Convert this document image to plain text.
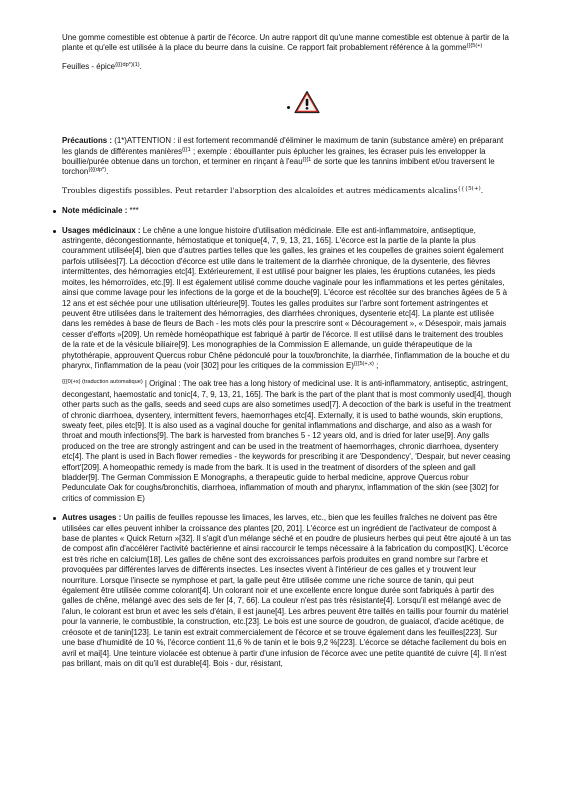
Une gomme comestible est obtenue à partir de l'écorce. Un autre rapport dit qu'une manne comestible est obtenue à partir de la plante et qu'elle est utilisée à la place du beurre dans la cuisine. Ce rapport fait probablement référence à la gomme$^{\{\{\{5(+)}$

Feuilles - épice$^{\{\{\{(dp*)(1)}$.

Précautions : (1*)ATTENTION : il est fortement recommandé d'éliminer le maximum de tanin (substance amère) en préparant les glands de différentes manières$^{\{\{\{1}$ ; exemple : ébouillanter puis éplucher les graines, les écraser puis les envelopper la bouillie/purée obtenue dans un torchon, et terminer en rinçant à l'eau$^{\{\{\{1}$ de sorte que les tannins imbibent et/ou traversent le torchon$^{\{\{\{(dp*)}$.

Troubles digestifs possibles. Peut retarder l'absorption des alcaloïdes et autres médicaments alcalins$^{\{\{\{5(+)}$.

Note médicinale : ***

Usages médicinaux : Le chêne a une longue histoire d'utilisation médicinale. Elle est anti-inflammatoire, antiseptique, astringente, décongestionnante, hémostatique et tonique[4, 7, 9, 13, 21, 165]. L'écorce est la partie de la plante la plus couramment utilisée[4], bien que d'autres parties telles que les galles, les graines et les coupelles de graines soient également parfois utilisées[7]. La décoction d'écorce est utile dans le traitement de la diarrhée chronique, de la dysenterie, des fièvres intermittentes, des hémorragies etc[4]. Extérieurement, il est utilisé pour baigner les plaies, les éruptions cutanées, les pieds moites, les hémorroïdes, etc.[9]. Il est également utilisé comme douche vaginale pour les inflammations et les pertes génitales, ainsi que comme lavage pour les infections de la gorge et de la bouche[9]. L'écorce est récoltée sur des branches âgées de 5 à 12 ans et est séchée pour une utilisation ultérieure[9]. Toutes les galles produites sur l'arbre sont fortement astringentes et peuvent être utilisées dans le traitement des hémorragies, des diarrhées chroniques, dysenterie etc[4]. La plante est utilisée dans les remèdes à base de fleurs de Bach - les mots clés pour la prescrire sont « Découragement », « Désespoir, mais jamais cesser d'efforts »[209]. Un remède homéopathique est fabriqué à partir de l'écorce. Il est utilisé dans le traitement des troubles de la rate et de la vésicule biliaire[9]. Les monographies de la Commission E allemande, un guide thérapeutique de la phytothérapie, approuvent Quercus robur Chêne pédonculé pour la toux/bronchite, la diarrhée, l'inflammation de la bouche et du pharynx, l'inflammation de la peau (voir [302] pour les critiques de la commission E)$^{\{\{\{5(+,x)}$ ;

$^{\{\{\{0(+x) (traduction automatique)}$ | Original : The oak tree has a long history of medicinal use. It is anti-inflammatory, antiseptic, astringent, decongestant, haemostatic and tonic[4, 7, 9, 13, 21, 165]. The bark is the part of the plant that is most commonly used[4], though other parts such as the galls, seeds and seed cups are also sometimes used[7]. A decoction of the bark is useful in the treatment of chronic diarrhoea, dysentery, intermittent fevers, haemorrhages etc[4]. Externally, it is used to bathe wounds, skin eruptions, sweaty feet, piles etc[9]. It is also used as a vaginal douche for genital inflammations and discharge, and also as a wash for throat and mouth infections[9]. The bark is harvested from branches 5 - 12 years old, and is dried for later use[9]. Any galls produced on the tree are strongly astringent and can be used in the treatment of haemorrhages, chronic diarrhoea, dysentery etc[4]. The plant is used in Bach flower remedies - the keywords for prescribing it are 'Despondency', 'Despair, but never ceasing effort'[209]. A homeopathic remedy is made from the bark. It is used in the treatment of disorders of the spleen and gall bladder[9]. The German Commission E Monographs, a therapeutic guide to herbal medicine, approve Quercus robur Pedunculate Oak for coughs/bronchitis, diarrhoea, inflammation of mouth and pharynx, inflammation of the skin (see [302] for critics of commission E)

Autres usages : Un paillis de feuilles repousse les limaces, les larves, etc., bien que les feuilles fraîches ne doivent pas être utilisées car elles peuvent inhiber la croissance des plantes [20, 201]. L'écorce est un ingrédient de l'activateur de compost à base de plantes « Quick Return »[32]. Il s'agit d'un mélange séché et en poudre de plusieurs herbes qui peut être ajouté à un tas de compost afin d'accélérer l'activité bactérienne et ainsi raccourcir le temps nécessaire à la fabrication du compost[K]. L'écorce est très riche en calcium[18]. Les galles de chêne sont des excroissances parfois produites en grand nombre sur l'arbre et provoquées par différentes larves de différents insectes. Les insectes vivent à l'intérieur de ces galles et y trouvent leur nourriture. Lorsque l'insecte se nymphose et part, la galle peut être utilisée comme une riche source de tanin, qui peut également être utilisée comme colorant[4]. Un colorant noir et une excellente encre longue durée sont fabriqués à partir des galles de chêne, mélangé avec des sels de fer [4, 7, 66]. La couleur n'est pas très résistante[4]. Lorsqu'il est mélangé avec de l'alun, le colorant est brun et avec les sels d'étain, il est jaune[4]. Les arbres peuvent être taillés en taillis pour fournir du matériel pour la vannerie, le combustible, la construction, etc.[23]. Le bois est une source de goudron, de guaiacol, d'acide acétique, de créosote et de tanin[123]. Le tanin est extrait commercialement de l'écorce et se trouve également dans les feuilles[223]. Sur une base d'humidité de 10 %, l'écorce contient 11,6 % de tanin et le bois 9,2 %[223]. L'écorce se détache facilement du bois en avril et mai[4]. Une teinture violacée est obtenue à partir d'une infusion de l'écorce avec une petite quantité de cuivre [4]. Il n'est pas brillant, mais on dit qu'il est durable[4]. Bois - dur, résistant,
